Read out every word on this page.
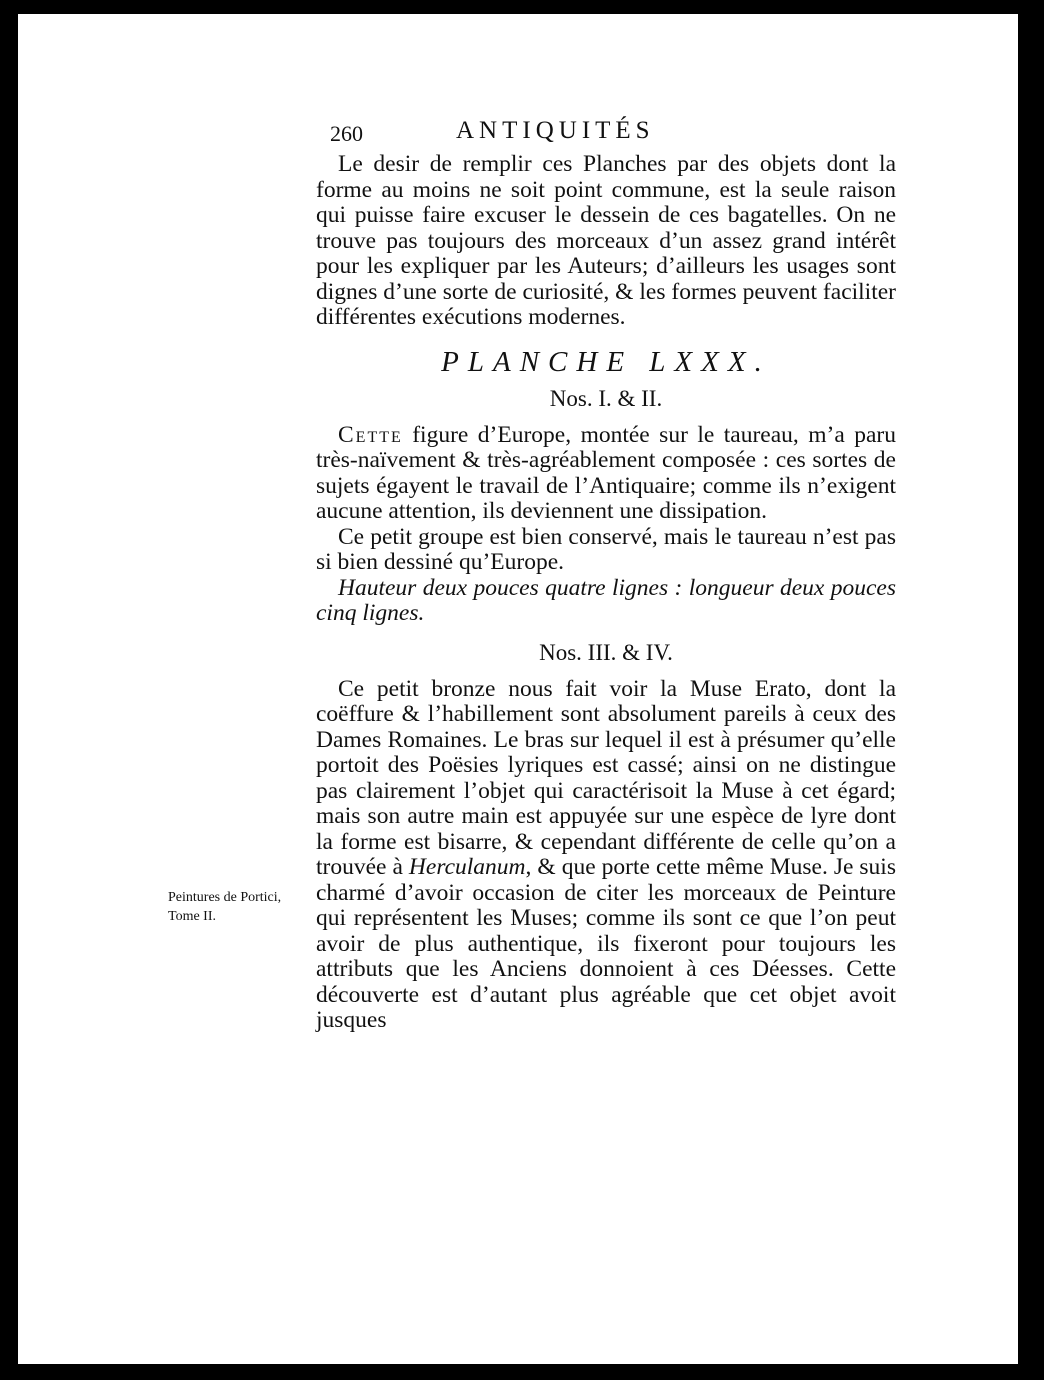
Peintures de Portici, Tome II.
260	ANTIQUITÉS

Le desir de remplir ces Planches par des objets dont la forme au moins ne soit point commune, est la seule raison qui puisse faire excuser le dessein de ces bagatelles. On ne trouve pas toujours des morceaux d’un assez grand intérêt pour les expliquer par les Auteurs; d’ailleurs les usages sont dignes d’une sorte de curiosité, & les formes peuvent faciliter différentes exécutions modernes.

PLANCHE LXXX.
Nos. I. & II.

Cette figure d’Europe, montée sur le taureau, m’a paru très-naïvement & très-agréablement composée : ces sortes de sujets égayent le travail de l’Antiquaire; comme ils n’exigent aucune attention, ils deviennent une dissipation.

Ce petit groupe est bien conservé, mais le taureau n’est pas si bien dessiné qu’Europe.

Hauteur deux pouces quatre lignes : longueur deux pouces cinq lignes.

Nos. III. & IV.

Ce petit bronze nous fait voir la Muse Erato, dont la coëffure & l’habillement sont absolument pareils à ceux des Dames Romaines. Le bras sur lequel il est à présumer qu’elle portoit des Poësies lyriques est cassé; ainsi on ne distingue pas clairement l’objet qui caractérisoit la Muse à cet égard; mais son autre main est appuyée sur une espèce de lyre dont la forme est bisarre, & cependant différente de celle qu’on a trouvée à Herculanum, & que porte cette même Muse. Je suis charmé d’avoir occasion de citer les morceaux de Peinture qui représentent les Muses; comme ils sont ce que l’on peut avoir de plus authentique, ils fixeront pour toujours les attributs que les Anciens donnoient à ces Déesses. Cette découverte est d’autant plus agréable que cet objet avoit jusques
